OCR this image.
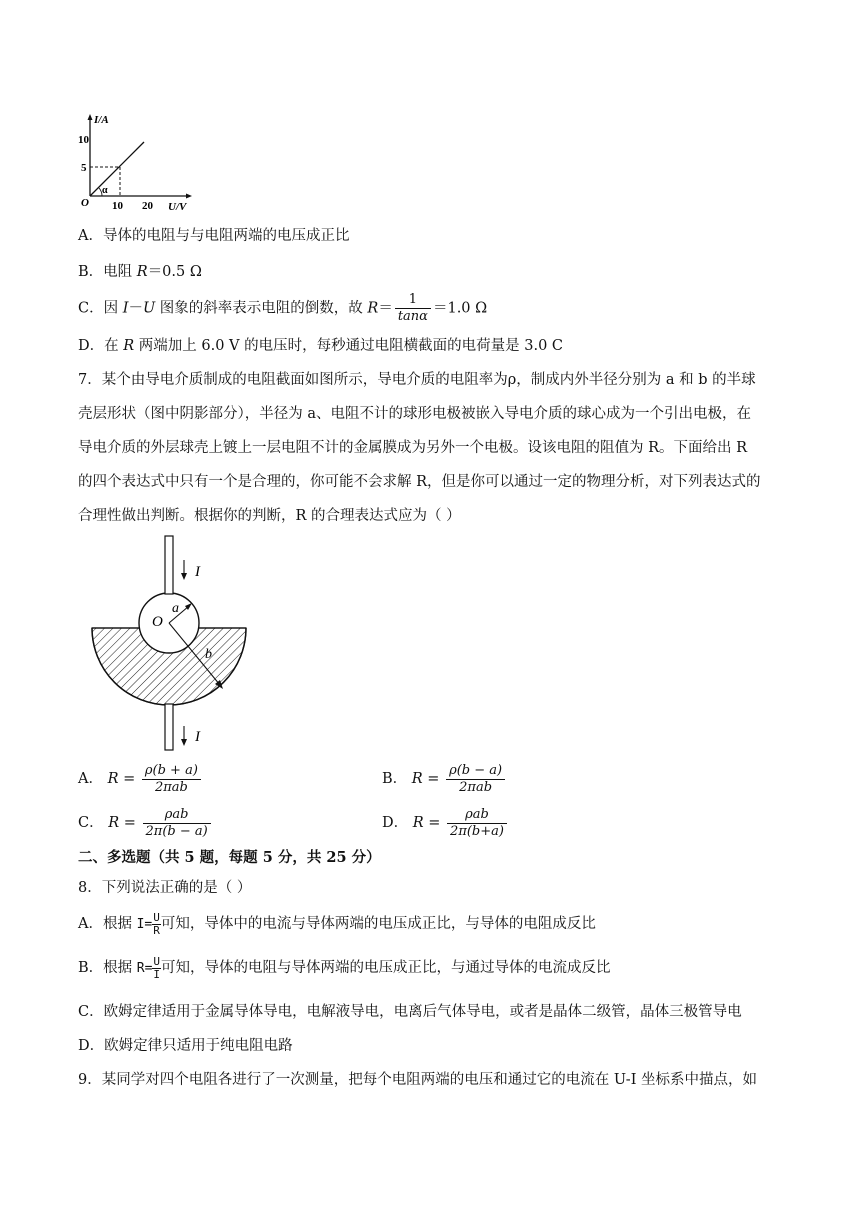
I/A
U/V
O
α
10
5
10 20
A．导体的电阻与与电阻两端的电压成正比
B．电阻 R＝0.5 Ω
C．因 I－U 图象的斜率表示电阻的倒数，故 $R= \frac{1}{\tan\alpha} =1.0$ Ω
D．在 R 两端加上 6.0 V 的电压时，每秒通过电阻横截面的电荷量是 3.0 C
7．某个由导电介质制成的电阻截面如图所示，导电介质的电阻率为ρ，制成内外半径分别为 a 和 b 的半球
壳层形状（图中阴影部分），半径为 a、电阻不计的球形电极被嵌入导电介质的球心成为一个引出电极，在
导电介质的外层球壳上镀上一层电阻不计的金属膜成为另外一个电极。设该电阻的阻值为 R。下面给出 R
的四个表达式中只有一个是合理的，你可能不会求解 R，但是你可以通过一定的物理分析，对下列表达式的
合理性做出判断。根据你的判断，R 的合理表达式应为（ ）
I
I
O
a
b
A． $R = \frac{\rho(b + a)}{\text{2πab}}$	B． $R = \frac{\rho(b - a)}{\text{2πab}}$
C． $R = \frac{\text{ρab}}{2\pi(b - a)}$	D． $R = \frac{\text{ρab}}{2\pi(b+a)}$
二、多选题（共 5 题，每题 5 分，共 25 分）
8．下列说法正确的是（ ）
A．根据 $I= \frac{U}{R}$ 可知，导体中的电流与导体两端的电压成正比，与导体的电阻成反比
B．根据 $R= \frac{U}{I}$ 可知，导体的电阻与导体两端的电压成正比，与通过导体的电流成反比
C．欧姆定律适用于金属导体导电，电解液导电，电离后气体导电，或者是晶体二级管，晶体三极管导电
D．欧姆定律只适用于纯电阻电路
9．某同学对四个电阻各进行了一次测量，把每个电阻两端的电压和通过它的电流在 U-I 坐标系中描点，如
